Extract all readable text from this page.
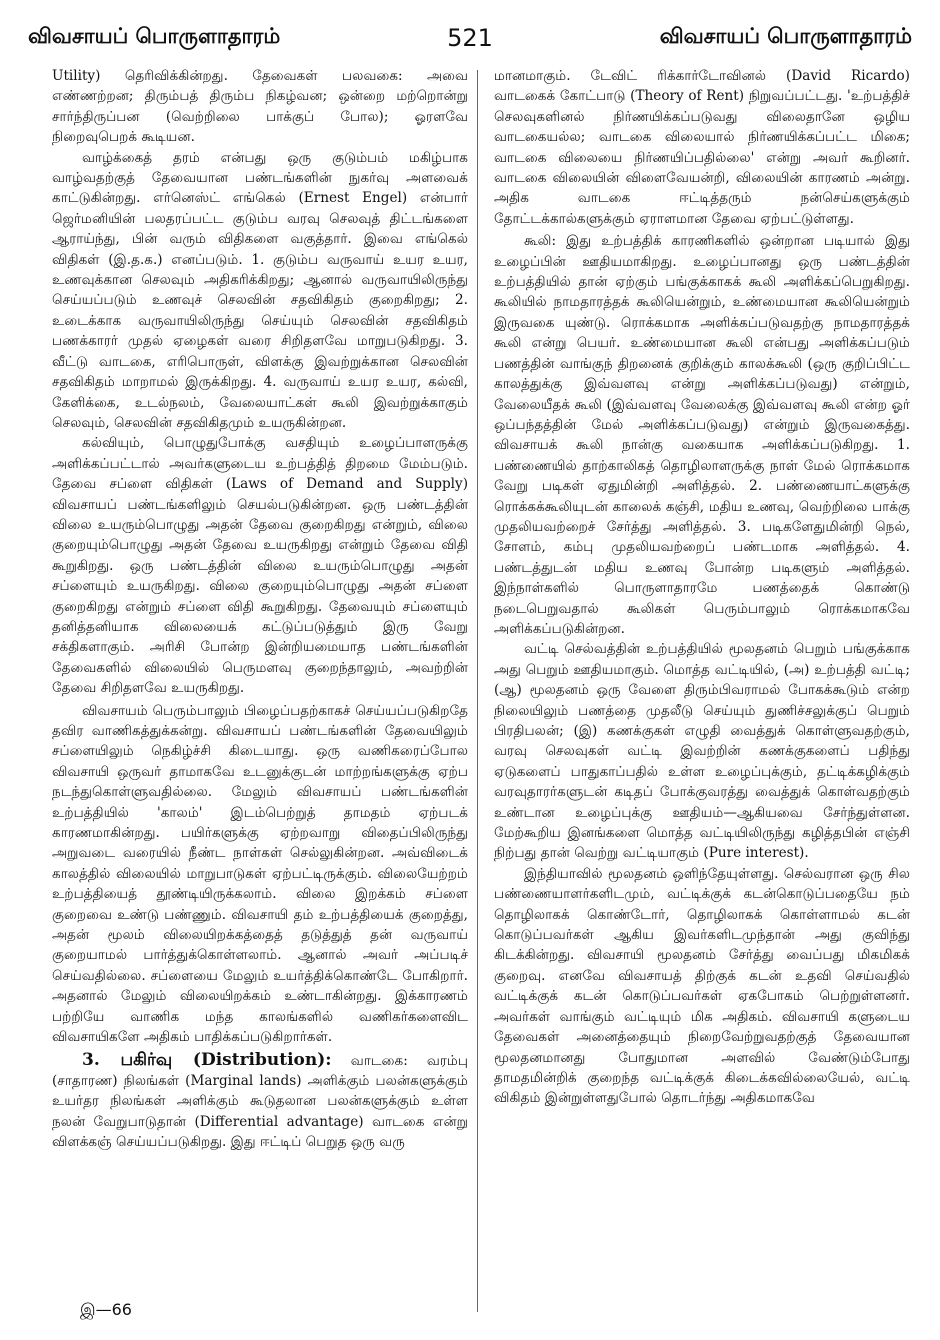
விவசாயப் பொருளாதாரம்	521	விவசாயப் பொருளாதாரம்

Utility) தெரிவிக்கின்றது. தேவைகள் பலவகை: அவை எண்ணற்றன; திரும்பத் திரும்ப நிகழ்வன; ஒன்றை மற்றொன்று சார்ந்திருப்பன (வெற்றிலை பாக்குப் போல); ஓரளவே நிறைவுபெறக் கூடியன.

வாழ்க்கைத் தரம் என்பது ஒரு குடும்பம் மகிழ்பாக வாழ்வதற்குத் தேவையான பண்டங்களின் நுகர்வு அளவைக் காட்டுகின்றது. எர்னெஸ்ட் எங்கெல் (Ernest Engel) என்பார் ஜெர்மனியின் பலதரப்பட்ட குடும்ப வரவு செலவுத் திட்டங்களை ஆராய்ந்து, பின் வரும் விதிகளை வகுத்தார். இவை எங்கெல் விதிகள் (இ.த.க.) எனப்படும். 1. குடும்ப வருவாய் உயர உயர, உணவுக்கான செலவும் அதிகரிக்கிறது; ஆனால் வருவாயிலிருந்து செய்யப்படும் உணவுச் செலவின் சதவிகிதம் குறைகிறது; 2. உடைக்காக வருவாயிலிருந்து செய்யும் செலவின் சதவிகிதம் பணக்காரர் முதல் ஏழைகள் வரை சிறிதளவே மாறுபடுகிறது. 3. வீட்டு வாடகை, எரிபொருள், விளக்கு இவற்றுக்கான செலவின் சதவிகிதம் மாறாமல் இருக்கிறது. 4. வருவாய் உயர உயர, கல்வி, கேளிக்கை, உடல்நலம், வேலையாட்கள் கூலி இவற்றுக்காகும் செலவும், செலவின் சதவிகிதமும் உயருகின்றன.

கல்வியும், பொழுதுபோக்கு வசதியும் உழைப்பாளருக்கு அளிக்கப்பட்டால் அவர்களுடைய உற்பத்தித் திறமை மேம்படும். தேவை சப்ளை விதிகள் (Laws of Demand and Supply) விவசாயப் பண்டங்களிலும் செயல்படுகின்றன. ஒரு பண்டத்தின் விலை உயரும்பொழுது அதன் தேவை குறைகிறது என்றும், விலை குறையும்பொழுது அதன் தேவை உயருகிறது என்றும் தேவை விதி கூறுகிறது. ஒரு பண்டத்தின் விலை உயரும்பொழுது அதன் சப்ளையும் உயருகிறது. விலை குறையும்பொழுது அதன் சப்ளை குறைகிறது என்றும் சப்ளை விதி கூறுகிறது. தேவையும் சப்ளையும் தனித்தனியாக விலையைக் கட்டுப்படுத்தும் இரு வேறு சக்திகளாகும். அரிசி போன்ற இன்றியமையாத பண்டங்களின் தேவைகளில் விலையில் பெருமளவு குறைந்தாலும், அவற்றின் தேவை சிறிதளவே உயருகிறது.

விவசாயம் பெரும்பாலும் பிழைப்பதற்காகச் செய்யப்படுகிறதே தவிர வாணிகத்துக்கன்று. விவசாயப் பண்டங்களின் தேவையிலும் சப்ளையிலும் நெகிழ்ச்சி கிடையாது. ஒரு வணிகரைப்போல விவசாயி ஒருவர் தாமாகவே உடனுக்குடன் மாற்றங்களுக்கு ஏற்ப நடந்துகொள்ளுவதில்லை. மேலும் விவசாயப் பண்டங்களின் உற்பத்தியில் 'காலம்' இடம்பெற்றுத் தாமதம் ஏற்படக் காரணமாகின்றது. பயிர்களுக்கு ஏற்றவாறு விதைப்பிலிருந்து அறுவடை வரையில் நீண்ட நாள்கள் செல்லுகின்றன. அவ்விடைக் காலத்தில் விலையில் மாறுபாடுகள் ஏற்பட்டிருக்கும். விலையேற்றம் உற்பத்தியைத் தூண்டியிருக்கலாம். விலை இறக்கம் சப்ளை குறைவை உண்டு பண்ணும். விவசாயி தம் உற்பத்தியைக் குறைத்து, அதன் மூலம் விலையிறக்கத்தைத் தடுத்துத் தன் வருவாய் குறையாமல் பார்த்துக்கொள்ளலாம். ஆனால் அவர் அப்படிச் செய்வதில்லை. சப்ளையை மேலும் உயர்த்திக்கொண்டே போகிறார். அதனால் மேலும் விலையிறக்கம் உண்டாகின்றது. இக்காரணம் பற்றியே வாணிக மந்த காலங்களில் வணிகர்களைவிட விவசாயிகளே அதிகம் பாதிக்கப்படுகிறார்கள்.

3. பகிர்வு (Distribution): வாடகை: வரம்பு (சாதாரண) நிலங்கள் (Marginal lands) அளிக்கும் பலன்களுக்கும் உயர்தர நிலங்கள் அளிக்கும் கூடுதலான பலன்களுக்கும் உள்ள நலன் வேறுபாடுதான் (Differential advantage) வாடகை என்று விளக்கஞ் செய்யப்படுகிறது. இது ஈட்டிப் பெறுத ஒரு வரு

மானமாகும். டேவிட் ரிக்கார்டோவினல் (David Ricardo) வாடகைக் கோட்பாடு (Theory of Rent) நிறுவப்பட்டது. 'உற்பத்திச் செலவுகளினல் நிர்ணயிக்கப்படுவது விலைதானே ஒழிய வாடகையல்ல; வாடகை விலையால் நிர்ணயிக்கப்பட்ட மிகை; வாடகை விலையை நிர்ணயிப்பதில்லை' என்று அவர் கூறினர். வாடகை விலையின் விளைவேயன்றி, விலையின் காரணம் அன்று. அதிக வாடகை ஈட்டித்தரும் நன்செய்களுக்கும் தோட்டக்கால்களுக்கும் ஏராளமான தேவை ஏற்பட்டுள்ளது.

கூலி: இது உற்பத்திக் காரணிகளில் ஒன்றான படியால் இது உழைப்பின் ஊதியமாகிறது. உழைப்பானது ஒரு பண்டத்தின் உற்பத்தியில் தான் ஏற்கும் பங்குக்காகக் கூலி அளிக்கப்பெறுகிறது. கூலியில் நாமதாரத்தக் கூலியென்றும், உண்மையான கூலியென்றும் இருவகை யுண்டு. ரொக்கமாக அளிக்கப்படுவதற்கு நாமதாரத்தக் கூலி என்று பெயர். உண்மையான கூலி என்பது அளிக்கப்படும் பணத்தின் வாங்குந் திறனைக் குறிக்கும் காலக்கூலி (ஒரு குறிப்பிட்ட காலத்துக்கு இவ்வளவு என்று அளிக்கப்படுவது) என்றும், வேலையீதக் கூலி (இவ்வளவு வேலைக்கு இவ்வளவு கூலி என்ற ஓர் ஒப்பந்தத்தின் மேல் அளிக்கப்படுவது) என்றும் இருவகைத்து. விவசாயக் கூலி நான்கு வகையாக அளிக்கப்படுகிறது. 1. பண்ணையில் தாற்காலிகத் தொழிலாளருக்கு நாள் மேல் ரொக்கமாக வேறு படிகள் ஏதுமின்றி அளித்தல். 2. பண்ணையாட்களுக்கு ரொக்கக்கூலியுடன் காலைக் கஞ்சி, மதிய உணவு, வெற்றிலை பாக்கு முதலியவற்றைச் சேர்த்து அளித்தல். 3. படிகளேதுமின்றி நெல், சோளம், கம்பு முதலியவற்றைப் பண்டமாக அளித்தல். 4. பண்டத்துடன் மதிய உணவு போன்ற படிகளும் அளித்தல். இந்நாள்களில் பொருளாதாரமே பணத்தைக் கொண்டு நடைபெறுவதால் கூலிகள் பெரும்பாலும் ரொக்கமாகவே அளிக்கப்படுகின்றன.

வட்டி செல்வத்தின் உற்பத்தியில் மூலதனம் பெறும் பங்குக்காக அது பெறும் ஊதியமாகும். மொத்த வட்டியில், (அ) உற்பத்தி வட்டி; (ஆ) மூலதனம் ஒரு வேளை திரும்பிவராமல் போகக்கூடும் என்ற நிலையிலும் பணத்தை முதலீடு செய்யும் துணிச்சலுக்குப் பெறும் பிரதிபலன்; (இ) கணக்குகள் எழுதி வைத்துக் கொள்ளுவதற்கும், வரவு செலவுகள் வட்டி இவற்றின் கணக்குகளைப் பதிந்து ஏடுகளைப் பாதுகாப்பதில் உள்ள உழைப்புக்கும், தட்டிக்கழிக்கும் வரவுதாரர்களுடன் கடிதப் போக்குவரத்து வைத்துக் கொள்வதற்கும் உண்டான உழைப்புக்கு ஊதியம்—ஆகியவை சேர்ந்துள்ளன. மேற்கூறிய இனங்களை மொத்த வட்டியிலிருந்து கழித்தபின் எஞ்சி நிற்பது தான் வெற்று வட்டியாகும் (Pure interest).

இந்தியாவில் மூலதனம் ஒளிந்தேயுள்ளது. செல்வரான ஒரு சில பண்ணையாளர்களிடமும், வட்டிக்குக் கடன்கொடுப்பதையே நம் தொழிலாகக் கொண்டோர், தொழிலாகக் கொள்ளாமல் கடன் கொடுப்பவர்கள் ஆகிய இவர்களிடமுந்தான் அது குவிந்து கிடக்கின்றது. விவசாயி மூலதனம் சேர்த்து வைப்பது மிகமிகக் குறைவு. எனவே விவசாயத் திற்குக் கடன் உதவி செய்வதில் வட்டிக்குக் கடன் கொடுப்பவர்கள் ஏகபோகம் பெற்றுள்ளனர். அவர்கள் வாங்கும் வட்டியும் மிக அதிகம். விவசாயி களுடைய தேவைகள் அனைத்தையும் நிறைவேற்றுவதற்குத் தேவையான மூலதனமானது போதுமான அளவில் வேண்டும்போது தாமதமின்றிக் குறைந்த வட்டிக்குக் கிடைக்கவில்லையேல், வட்டி விகிதம் இன்றுள்ளதுபோல் தொடர்ந்து அதிகமாகவே

இ—66
